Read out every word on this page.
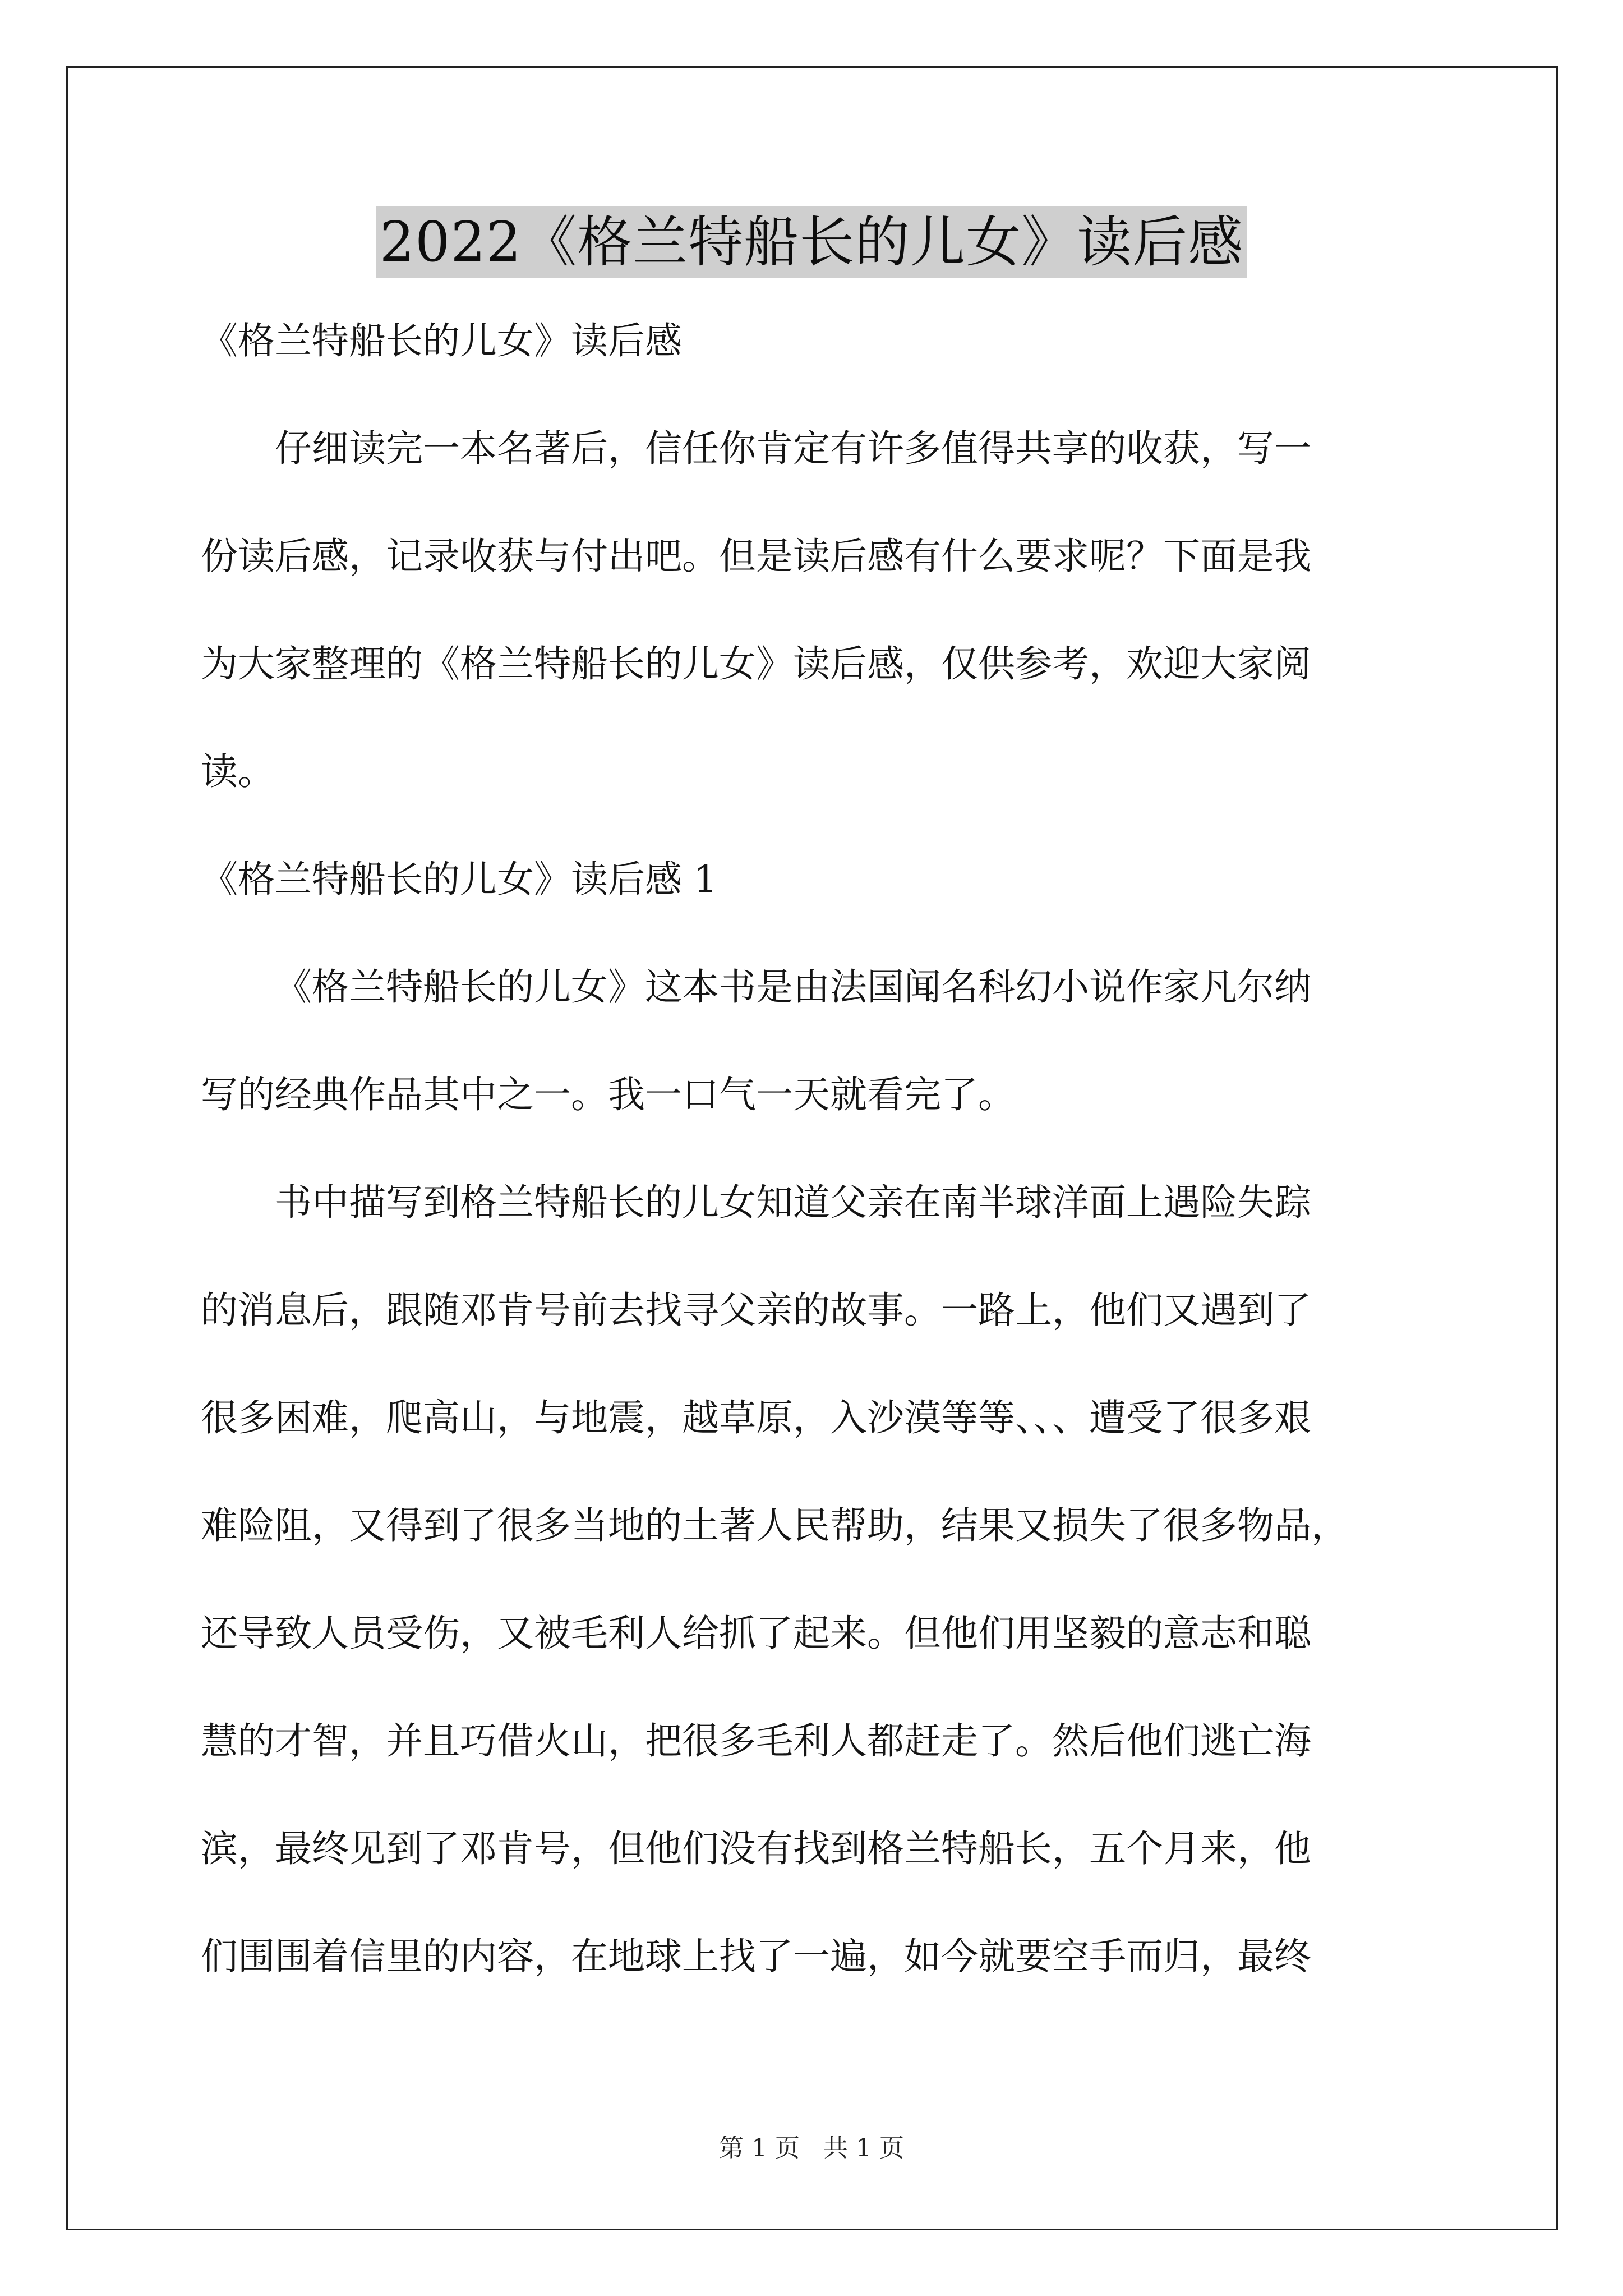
2022《格兰特船长的儿女》读后感

《格兰特船长的儿女》读后感

仔细读完一本名著后，信任你肯定有许多值得共享的收获，写一

份读后感，记录收获与付出吧。但是读后感有什么要求呢？下面是我

为大家整理的《格兰特船长的儿女》读后感，仅供参考，欢迎大家阅

读。

《格兰特船长的儿女》读后感 1

《格兰特船长的儿女》这本书是由法国闻名科幻小说作家凡尔纳

写的经典作品其中之一。我一口气一天就看完了。

书中描写到格兰特船长的儿女知道父亲在南半球洋面上遇险失踪

的消息后，跟随邓肯号前去找寻父亲的故事。一路上，他们又遇到了

很多困难，爬高山，与地震，越草原，入沙漠等等、、、遭受了很多艰

难险阻，又得到了很多当地的土著人民帮助，结果又损失了很多物品，

还导致人员受伤，又被毛利人给抓了起来。但他们用坚毅的意志和聪

慧的才智，并且巧借火山，把很多毛利人都赶走了。然后他们逃亡海

滨，最终见到了邓肯号，但他们没有找到格兰特船长，五个月来，他

们围围着信里的内容，在地球上找了一遍，如今就要空手而归，最终

第 1 页 共 1 页
